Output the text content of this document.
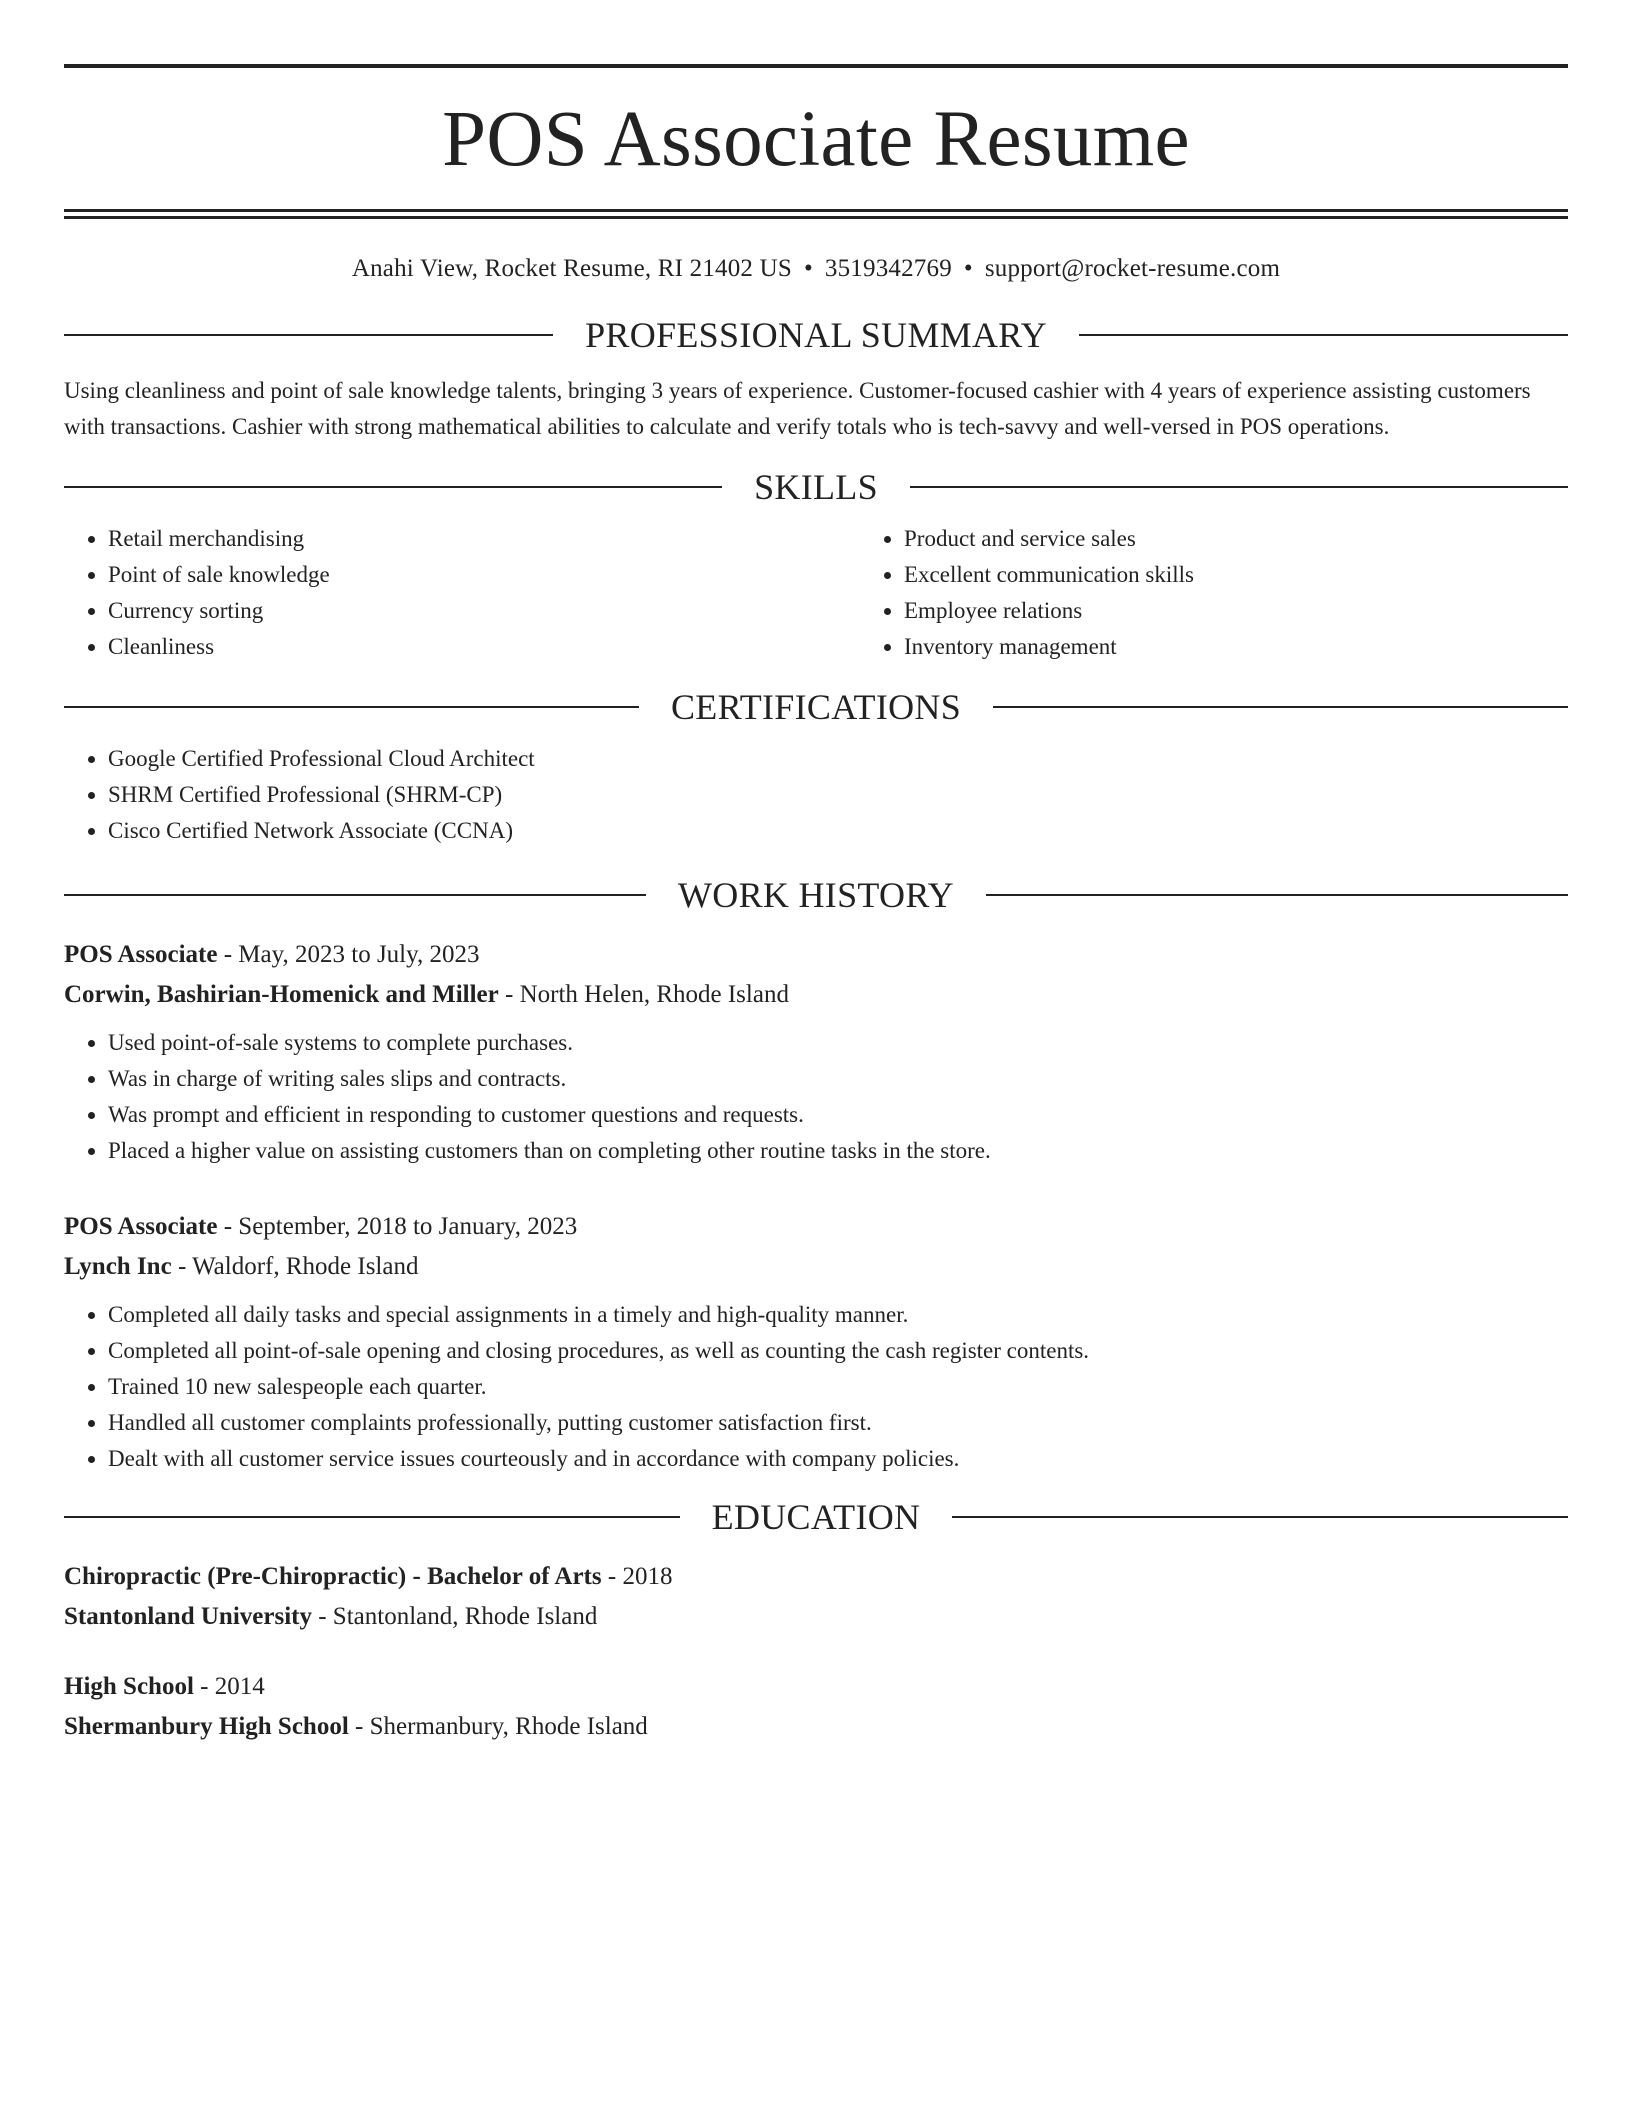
POS Associate Resume
Anahi View, Rocket Resume, RI 21402 US • 3519342769 • support@rocket-resume.com
PROFESSIONAL SUMMARY

Using cleanliness and point of sale knowledge talents, bringing 3 years of experience. Customer-focused cashier with 4 years of experience assisting customers with transactions. Cashier with strong mathematical abilities to calculate and verify totals who is tech-savvy and well-versed in POS operations.

SKILLS
• Retail merchandising
• Point of sale knowledge
• Currency sorting
• Cleanliness
• Product and service sales
• Excellent communication skills
• Employee relations
• Inventory management
CERTIFICATIONS
• Google Certified Professional Cloud Architect
• SHRM Certified Professional (SHRM-CP)
• Cisco Certified Network Associate (CCNA)
WORK HISTORY
POS Associate - May, 2023 to July, 2023
Corwin, Bashirian-Homenick and Miller - North Helen, Rhode Island
• Used point-of-sale systems to complete purchases.
• Was in charge of writing sales slips and contracts.
• Was prompt and efficient in responding to customer questions and requests.
• Placed a higher value on assisting customers than on completing other routine tasks in the store.
POS Associate - September, 2018 to January, 2023
Lynch Inc - Waldorf, Rhode Island
• Completed all daily tasks and special assignments in a timely and high-quality manner.
• Completed all point-of-sale opening and closing procedures, as well as counting the cash register contents.
• Trained 10 new salespeople each quarter.
• Handled all customer complaints professionally, putting customer satisfaction first.
• Dealt with all customer service issues courteously and in accordance with company policies.
EDUCATION
Chiropractic (Pre-Chiropractic) - Bachelor of Arts - 2018
Stantonland University - Stantonland, Rhode Island
High School - 2014
Shermanbury High School - Shermanbury, Rhode Island
